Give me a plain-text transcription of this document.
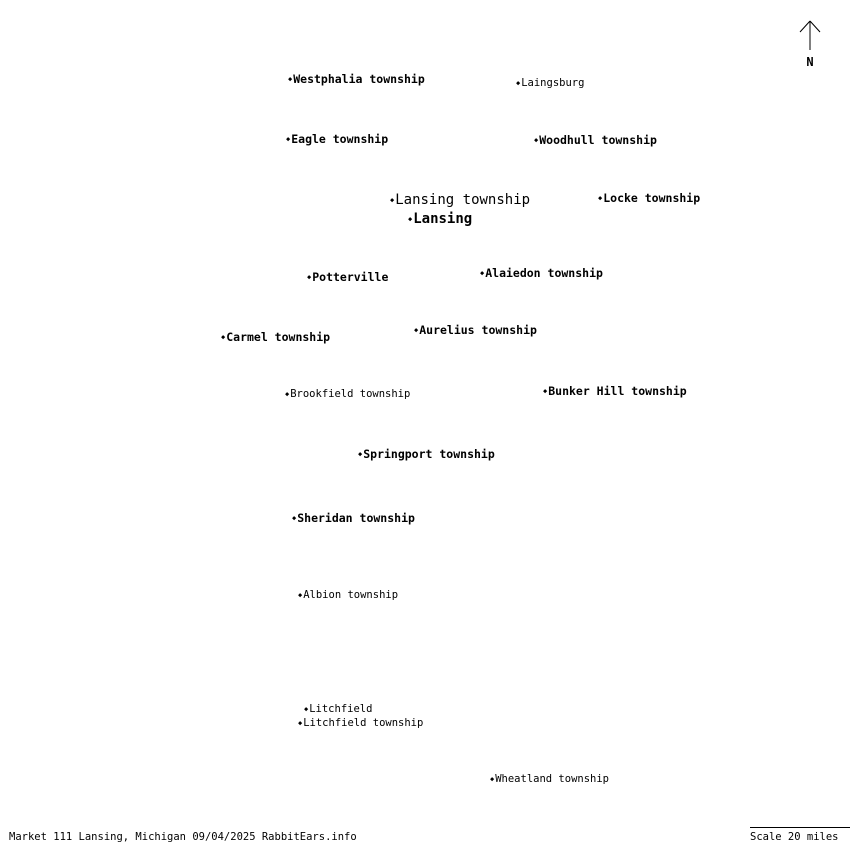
◆ Westphalia township	◆ Laingsburg
◆ Eagle township	◆ Woodhull township
◆ Lansing township	◆ Locke township
◆ Lansing
◆ Potterville	◆ Alaiedon township
◆ Aurelius township
◆ Carmel township
◆ Brookfield township	◆ Bunker Hill township
◆ Springport township
◆ Sheridan township
◆ Albion township
◆ Litchfield
◆ Litchfield township
◆ Wheatland township
N
Market 111 Lansing, Michigan 09/04/2025 RabbitEars.info	Scale 20 miles
